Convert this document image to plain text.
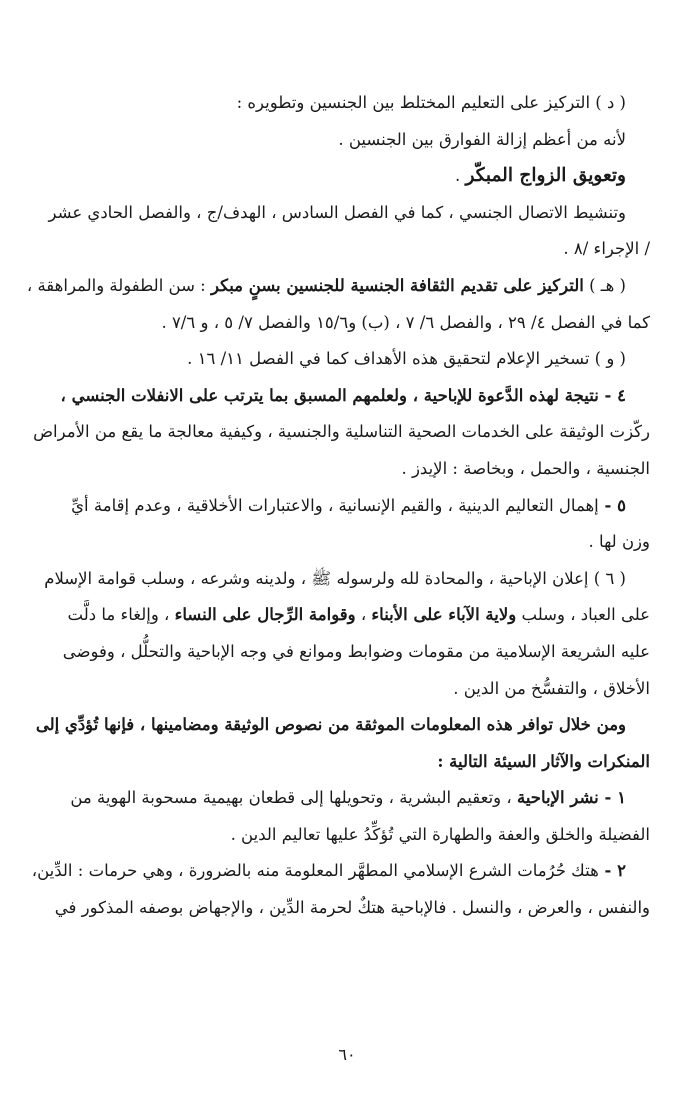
( د ) التركيز على التعليم المختلط بين الجنسين وتطويره :
لأنه من أعظم إزالة الفوارق بين الجنسين .
وتعويق الزواج المبكّر .
وتنشيط الاتصال الجنسي ، كما في الفصل السادس ، الهدف/ج ، والفصل الحادي عشر
/ الإجراء /٨ .
( هـ ) التركيز على تقديم الثقافة الجنسية للجنسين بسنٍ مبكر : سن الطفولة والمراهقة ،
كما في الفصل ٤/ ٢٩ ، والفصل ٦/ ٧ ، (ب) و١٥/٦ والفصل ٧/ ٥ ، و ٧/٦ .
( و ) تسخير الإعلام لتحقيق هذه الأهداف كما في الفصل ١١/ ١٦ .
٤ - نتيجة لهذه الدَّعوة للإباحية ، ولعلمهم المسبق بما يترتب على الانفلات الجنسي ،
ركّزت الوثيقة على الخدمات الصحية التناسلية والجنسية ، وكيفية معالجة ما يقع من الأمراض
الجنسية ، والحمل ، وبخاصة : الإيدز .
٥ - إهمال التعاليم الدينية ، والقيم الإنسانية ، والاعتبارات الأخلاقية ، وعدم إقامة أيِّ
وزن لها .
( ٦ ) إعلان الإباحية ، والمحادة لله ولرسوله ﷺ ، ولدينه وشرعه ، وسلب قوامة الإسلام
على العباد ، وسلب ولاية الآباء على الأبناء ، وقوامة الرِّجال على النساء ، وإلغاء ما دلَّت
عليه الشريعة الإسلامية من مقومات وضوابط وموانع في وجه الإباحية والتحلُّل ، وفوضى
الأخلاق ، والتفسُّخ من الدين .
ومن خلال توافر هذه المعلومات الموثقة من نصوص الوثيقة ومضامينها ، فإنها تُؤدِّي إلى
المنكرات والآثار السيئة التالية :
١ - نشر الإباحية ، وتعقيم البشرية ، وتحويلها إلى قطعان بهيمية مسحوبة الهوية من
الفضيلة والخلق والعفة والطهارة التي تُؤكِّدُ عليها تعاليم الدين .
٢ - هتك حُرُمات الشرع الإسلامي المطهَّر المعلومة منه بالضرورة ، وهي حرمات : الدِّين،
والنفس ، والعرض ، والنسل . فالإباحية هتكٌ لحرمة الدِّين ، والإجهاض بوصفه المذكور في
٦٠
